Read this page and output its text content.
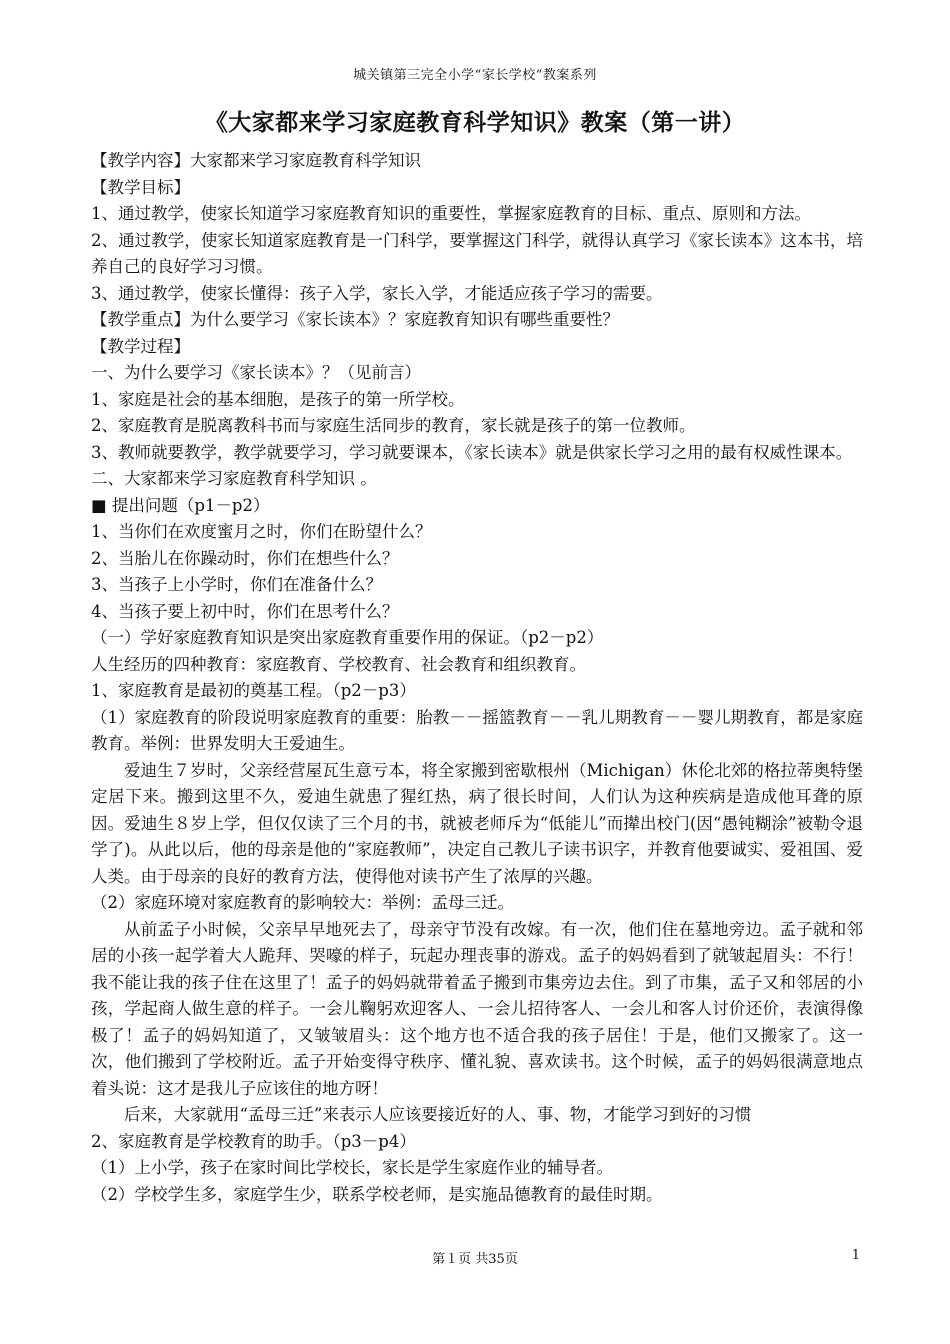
城关镇第三完全小学“家长学校”教案系列
《大家都来学习家庭教育科学知识》教案（第一讲）

【教学内容】大家都来学习家庭教育科学知识

【教学目标】

1、通过教学，使家长知道学习家庭教育知识的重要性，掌握家庭教育的目标、重点、原则和方法。

2、通过教学，使家长知道家庭教育是一门科学，要掌握这门科学，就得认真学习《家长读本》这本书，培养自己的良好学习习惯。

3、通过教学，使家长懂得：孩子入学，家长入学，才能适应孩子学习的需要。

【教学重点】为什么要学习《家长读本》？家庭教育知识有哪些重要性？

【教学过程】

一、为什么要学习《家长读本》？（见前言）

1、家庭是社会的基本细胞，是孩子的第一所学校。

2、家庭教育是脱离教科书而与家庭生活同步的教育，家长就是孩子的第一位教师。

3、教师就要教学，教学就要学习，学习就要课本，《家长读本》就是供家长学习之用的最有权威性课本。

二、大家都来学习家庭教育科学知识 。

■ 提出问题（p1－p2）

1、当你们在欢度蜜月之时，你们在盼望什么？

2、当胎儿在你躁动时，你们在想些什么？

3、当孩子上小学时，你们在准备什么？

4、当孩子要上初中时，你们在思考什么？

（一）学好家庭教育知识是突出家庭教育重要作用的保证。（p2－p2）

人生经历的四种教育：家庭教育、学校教育、社会教育和组织教育。

1、家庭教育是最初的奠基工程。（p2－p3）

（1）家庭教育的阶段说明家庭教育的重要：胎教－－摇篮教育－－乳儿期教育－－婴儿期教育，都是家庭教育。举例：世界发明大王爱迪生。

爱迪生７岁时，父亲经营屋瓦生意亏本，将全家搬到密歇根州（Michigan）休伦北郊的格拉蒂奥特堡定居下来。搬到这里不久，爱迪生就患了猩红热，病了很长时间，人们认为这种疾病是造成他耳聋的原因。爱迪生８岁上学，但仅仅读了三个月的书，就被老师斥为“低能儿”而撵出校门(因“愚钝糊涂”被勒令退学了)。从此以后，他的母亲是他的“家庭教师”，决定自己教儿子读书识字，并教育他要诚实、爱祖国、爱人类。由于母亲的良好的教育方法，使得他对读书产生了浓厚的兴趣。

（2）家庭环境对家庭教育的影响较大：举例：孟母三迁。

从前孟子小时候，父亲早早地死去了，母亲守节没有改嫁。有一次，他们住在墓地旁边。孟子就和邻居的小孩一起学着大人跪拜、哭嚎的样子，玩起办理丧事的游戏。孟子的妈妈看到了就皱起眉头：不行！我不能让我的孩子住在这里了！孟子的妈妈就带着孟子搬到市集旁边去住。到了市集，孟子又和邻居的小孩，学起商人做生意的样子。一会儿鞠躬欢迎客人、一会儿招待客人、一会儿和客人讨价还价，表演得像极了！孟子的妈妈知道了，又皱皱眉头：这个地方也不适合我的孩子居住！于是，他们又搬家了。这一次，他们搬到了学校附近。孟子开始变得守秩序、懂礼貌、喜欢读书。这个时候，孟子的妈妈很满意地点着头说：这才是我儿子应该住的地方呀！

后来，大家就用“孟母三迁”来表示人应该要接近好的人、事、物，才能学习到好的习惯

2、家庭教育是学校教育的助手。（p3－p4）

（1）上小学，孩子在家时间比学校长，家长是学生家庭作业的辅导者。

（2）学校学生多，家庭学生少，联系学校老师，是实施品德教育的最佳时期。

第１页 共35页	1
